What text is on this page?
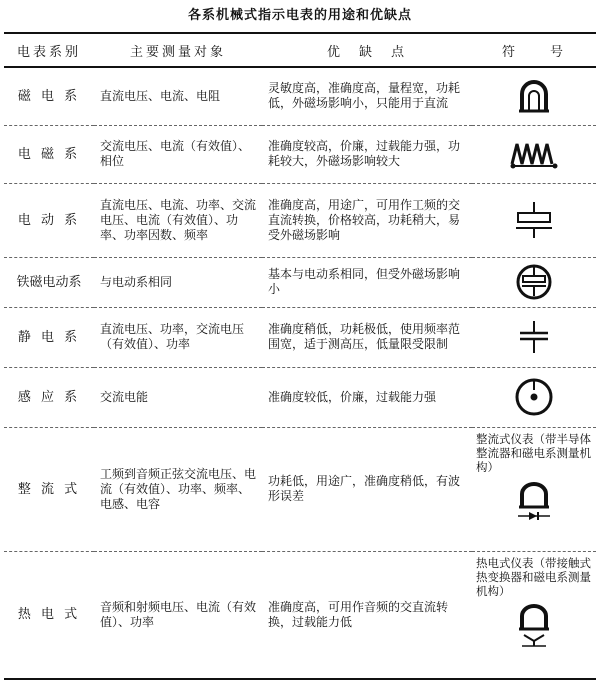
各系机械式指示电表的用途和优缺点
电表系别	主要测量对象	优　缺　点	符　　号
磁 电 系	直流电压、电流、电阻	灵敏度高，准确度高，量程宽，功耗低，外磁场影响小，只能用于直流	

电 磁 系	交流电压、电流（有效值）、相位	准确度较高，价廉，过载能力强，功耗较大，外磁场影响较大	

电 动 系	直流电压、电流、功率、交流电压、电流（有效值）、功率、功率因数、频率	准确度高，用途广，可用作工频的交直流转换，价格较高，功耗稍大，易受外磁场影响	

铁磁电动系	与电动系相同	基本与电动系相同，但受外磁场影响小	

静 电 系	直流电压、功率，交流电压（有效值）、功率	准确度稍低，功耗极低，使用频率范围宽，适于测高压，低量限受限制	

感 应 系	交流电能	准确度较低，价廉，过载能力强	

整 流 式	工频到音频正弦交流电压、电流（有效值）、功率、频率、电感、电容	功耗低，用途广，准确度稍低，有波形误差	整流式仪表（带半导体整流器和磁电系测量机构）

热 电 式	音频和射频电压、电流（有效值）、功率	准确度高，可用作音频的交直流转换，过载能力低	热电式仪表（带接触式热变换器和磁电系测量机构）
